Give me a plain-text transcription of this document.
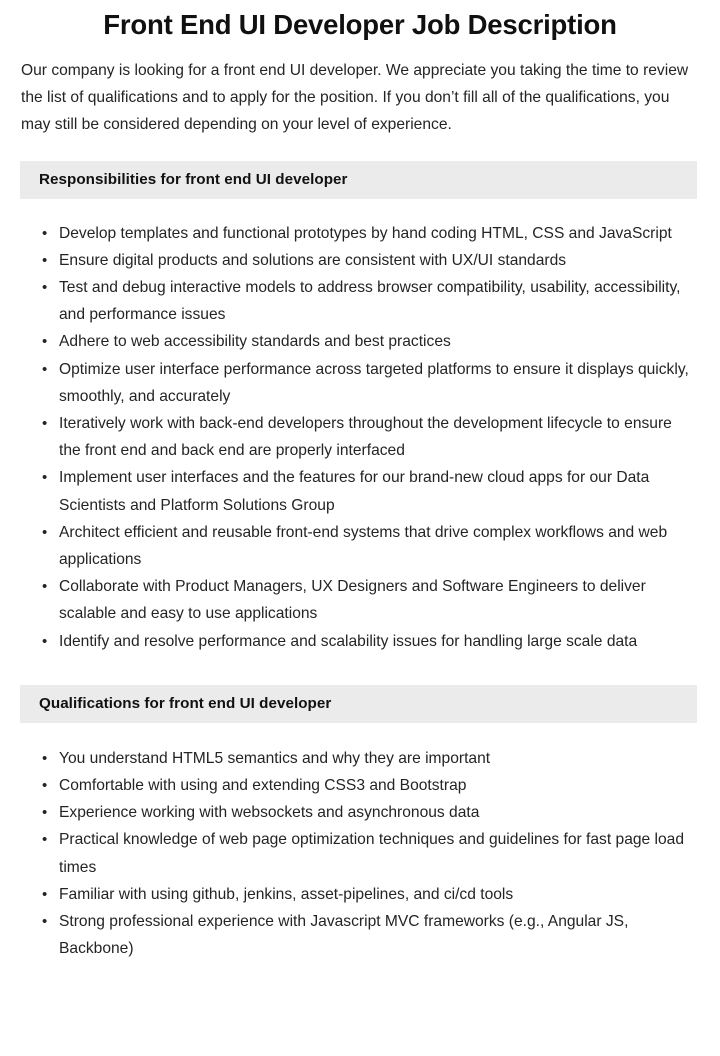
Front End UI Developer Job Description

Our company is looking for a front end UI developer. We appreciate you taking the time to review the list of qualifications and to apply for the position. If you don’t fill all of the qualifications, you may still be considered depending on your level of experience.

Responsibilities for front end UI developer
• Develop templates and functional prototypes by hand coding HTML, CSS and JavaScript
• Ensure digital products and solutions are consistent with UX/UI standards
• Test and debug interactive models to address browser compatibility, usability, accessibility, and performance issues
• Adhere to web accessibility standards and best practices
• Optimize user interface performance across targeted platforms to ensure it displays quickly, smoothly, and accurately
• Iteratively work with back-end developers throughout the development lifecycle to ensure the front end and back end are properly interfaced
• Implement user interfaces and the features for our brand-new cloud apps for our Data Scientists and Platform Solutions Group
• Architect efficient and reusable front-end systems that drive complex workflows and web applications
• Collaborate with Product Managers, UX Designers and Software Engineers to deliver scalable and easy to use applications
• Identify and resolve performance and scalability issues for handling large scale data
Qualifications for front end UI developer
• You understand HTML5 semantics and why they are important
• Comfortable with using and extending CSS3 and Bootstrap
• Experience working with websockets and asynchronous data
• Practical knowledge of web page optimization techniques and guidelines for fast page load times
• Familiar with using github, jenkins, asset-pipelines, and ci/cd tools
• Strong professional experience with Javascript MVC frameworks (e.g., Angular JS, Backbone)
